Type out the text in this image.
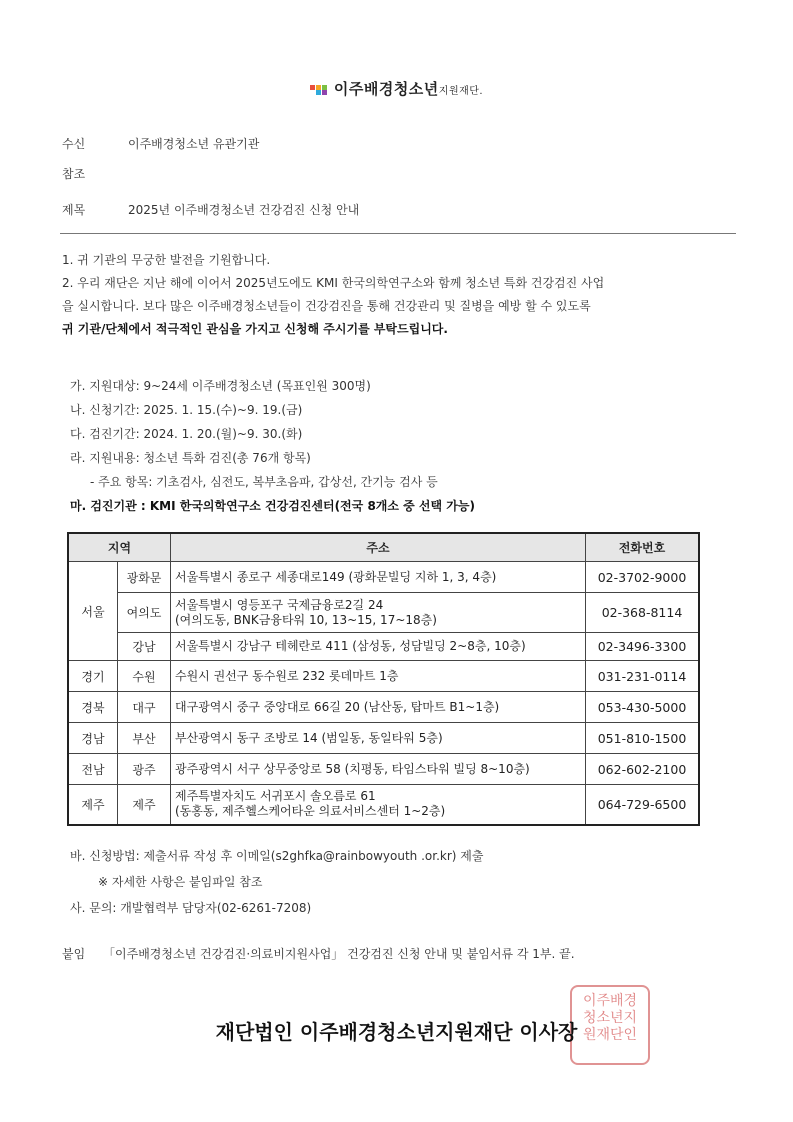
이주배경청소년지원재단.
수신	이주배경청소년 유관기관
참조
제목	2025년 이주배경청소년 건강검진 신청 안내
1. 귀 기관의 무궁한 발전을 기원합니다.
2. 우리 재단은 지난 해에 이어서 2025년도에도 KMI 한국의학연구소와 함께 청소년 특화 건강검진 사업
을 실시합니다. 보다 많은 이주배경청소년들이 건강검진을 통해 건강관리 및 질병을 예방 할 수 있도록
귀 기관/단체에서 적극적인 관심을 가지고 신청해 주시기를 부탁드립니다.
가. 지원대상: 9~24세 이주배경청소년 (목표인원 300명)
나. 신청기간: 2025. 1. 15.(수)~9. 19.(금)
다. 검진기간: 2024. 1. 20.(월)~9. 30.(화)
라. 지원내용: 청소년 특화 검진(총 76개 항목)
- 주요 항목: 기초검사, 심전도, 복부초음파, 갑상선, 간기능 검사 등
마. 검진기관 : KMI 한국의학연구소 건강검진센터(전국 8개소 중 선택 가능)
지역		주소	전화번호
서울	광화문	서울특별시 종로구 세종대로149 (광화문빌딩 지하 1, 3, 4층)	02-3702-9000
	여의도	서울특별시 영등포구 국제금융로2길 24
(여의도동, BNK금융타워 10, 13~15, 17~18층)	02-368-8114
	강남	서울특별시 강남구 테헤란로 411 (삼성동, 성담빌딩 2~8층, 10층)	02-3496-3300
경기	수원	수원시 권선구 동수원로 232 롯데마트 1층	031-231-0114
경북	대구	대구광역시 중구 중앙대로 66길 20 (남산동, 탑마트 B1~1층)	053-430-5000
경남	부산	부산광역시 동구 조방로 14 (범일동, 동일타워 5층)	051-810-1500
전남	광주	광주광역시 서구 상무중앙로 58 (치평동, 타임스타워 빌딩 8~10층)	062-602-2100
제주	제주	제주특별자치도 서귀포시 솔오름로 61
(동홍동, 제주헬스케어타운 의료서비스센터 1~2층)	064-729-6500
바. 신청방법: 제출서류 작성 후 이메일(s2ghfka@rainbowyouth .or.kr) 제출
※ 자세한 사항은 붙임파일 참조
사. 문의: 개발협력부 담당자(02-6261-7208)
붙임 「이주배경청소년 건강검진·의료비지원사업」 건강검진 신청 안내 및 붙임서류 각 1부. 끝.
이주배경
청소년지
원재단인
재단법인 이주배경청소년지원재단 이사장
